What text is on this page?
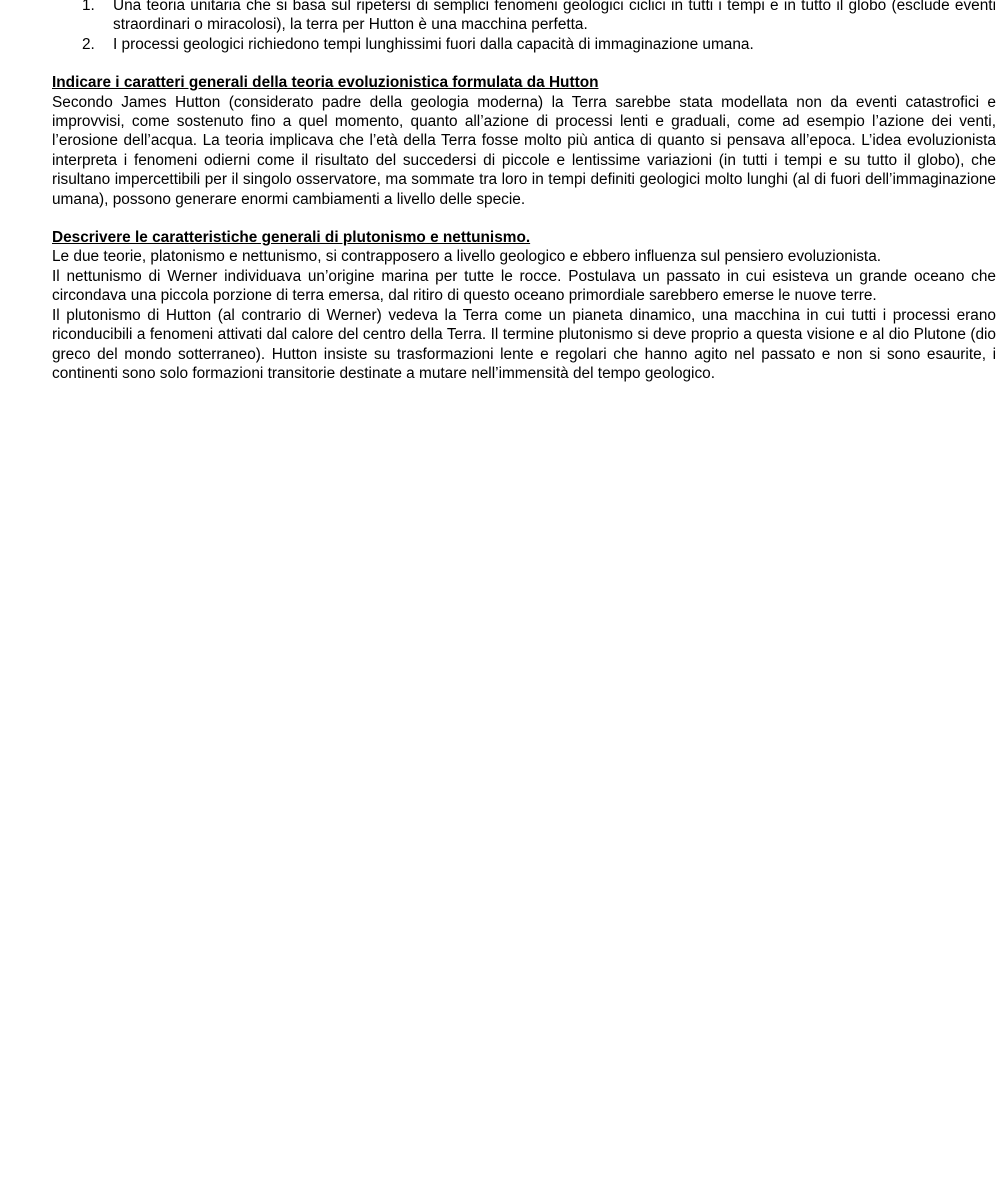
1. Una teoria unitaria che si basa sul ripetersi di semplici fenomeni geologici ciclici in tutti i tempi e in tutto il globo (esclude eventi straordinari o miracolosi), la terra per Hutton è una macchina perfetta.
2. I processi geologici richiedono tempi lunghissimi fuori dalla capacità di immaginazione umana.

Indicare i caratteri generali della teoria evoluzionistica formulata da Hutton

Secondo James Hutton (considerato padre della geologia moderna) la Terra sarebbe stata modellata non da eventi catastrofici e improvvisi, come sostenuto fino a quel momento, quanto all’azione di processi lenti e graduali, come ad esempio l’azione dei venti, l’erosione dell’acqua. La teoria implicava che l’età della Terra fosse molto più antica di quanto si pensava all’epoca. L’idea evoluzionista interpreta i fenomeni odierni come il risultato del succedersi di piccole e lentissime variazioni (in tutti i tempi e su tutto il globo), che risultano impercettibili per il singolo osservatore, ma sommate tra loro in tempi definiti geologici molto lunghi (al di fuori dell’immaginazione umana), possono generare enormi cambiamenti a livello delle specie.

Descrivere le caratteristiche generali di plutonismo e nettunismo.

Le due teorie, platonismo e nettunismo, si contrapposero a livello geologico e ebbero influenza sul pensiero evoluzionista.

Il nettunismo di Werner individuava un’origine marina per tutte le rocce. Postulava un passato in cui esisteva un grande oceano che circondava una piccola porzione di terra emersa, dal ritiro di questo oceano primordiale sarebbero emerse le nuove terre.

Il plutonismo di Hutton (al contrario di Werner) vedeva la Terra come un pianeta dinamico, una macchina in cui tutti i processi erano riconducibili a fenomeni attivati dal calore del centro della Terra. Il termine plutonismo si deve proprio a questa visione e al dio Plutone (dio greco del mondo sotterraneo). Hutton insiste su trasformazioni lente e regolari che hanno agito nel passato e non si sono esaurite, i continenti sono solo formazioni transitorie destinate a mutare nell’immensità del tempo geologico.
